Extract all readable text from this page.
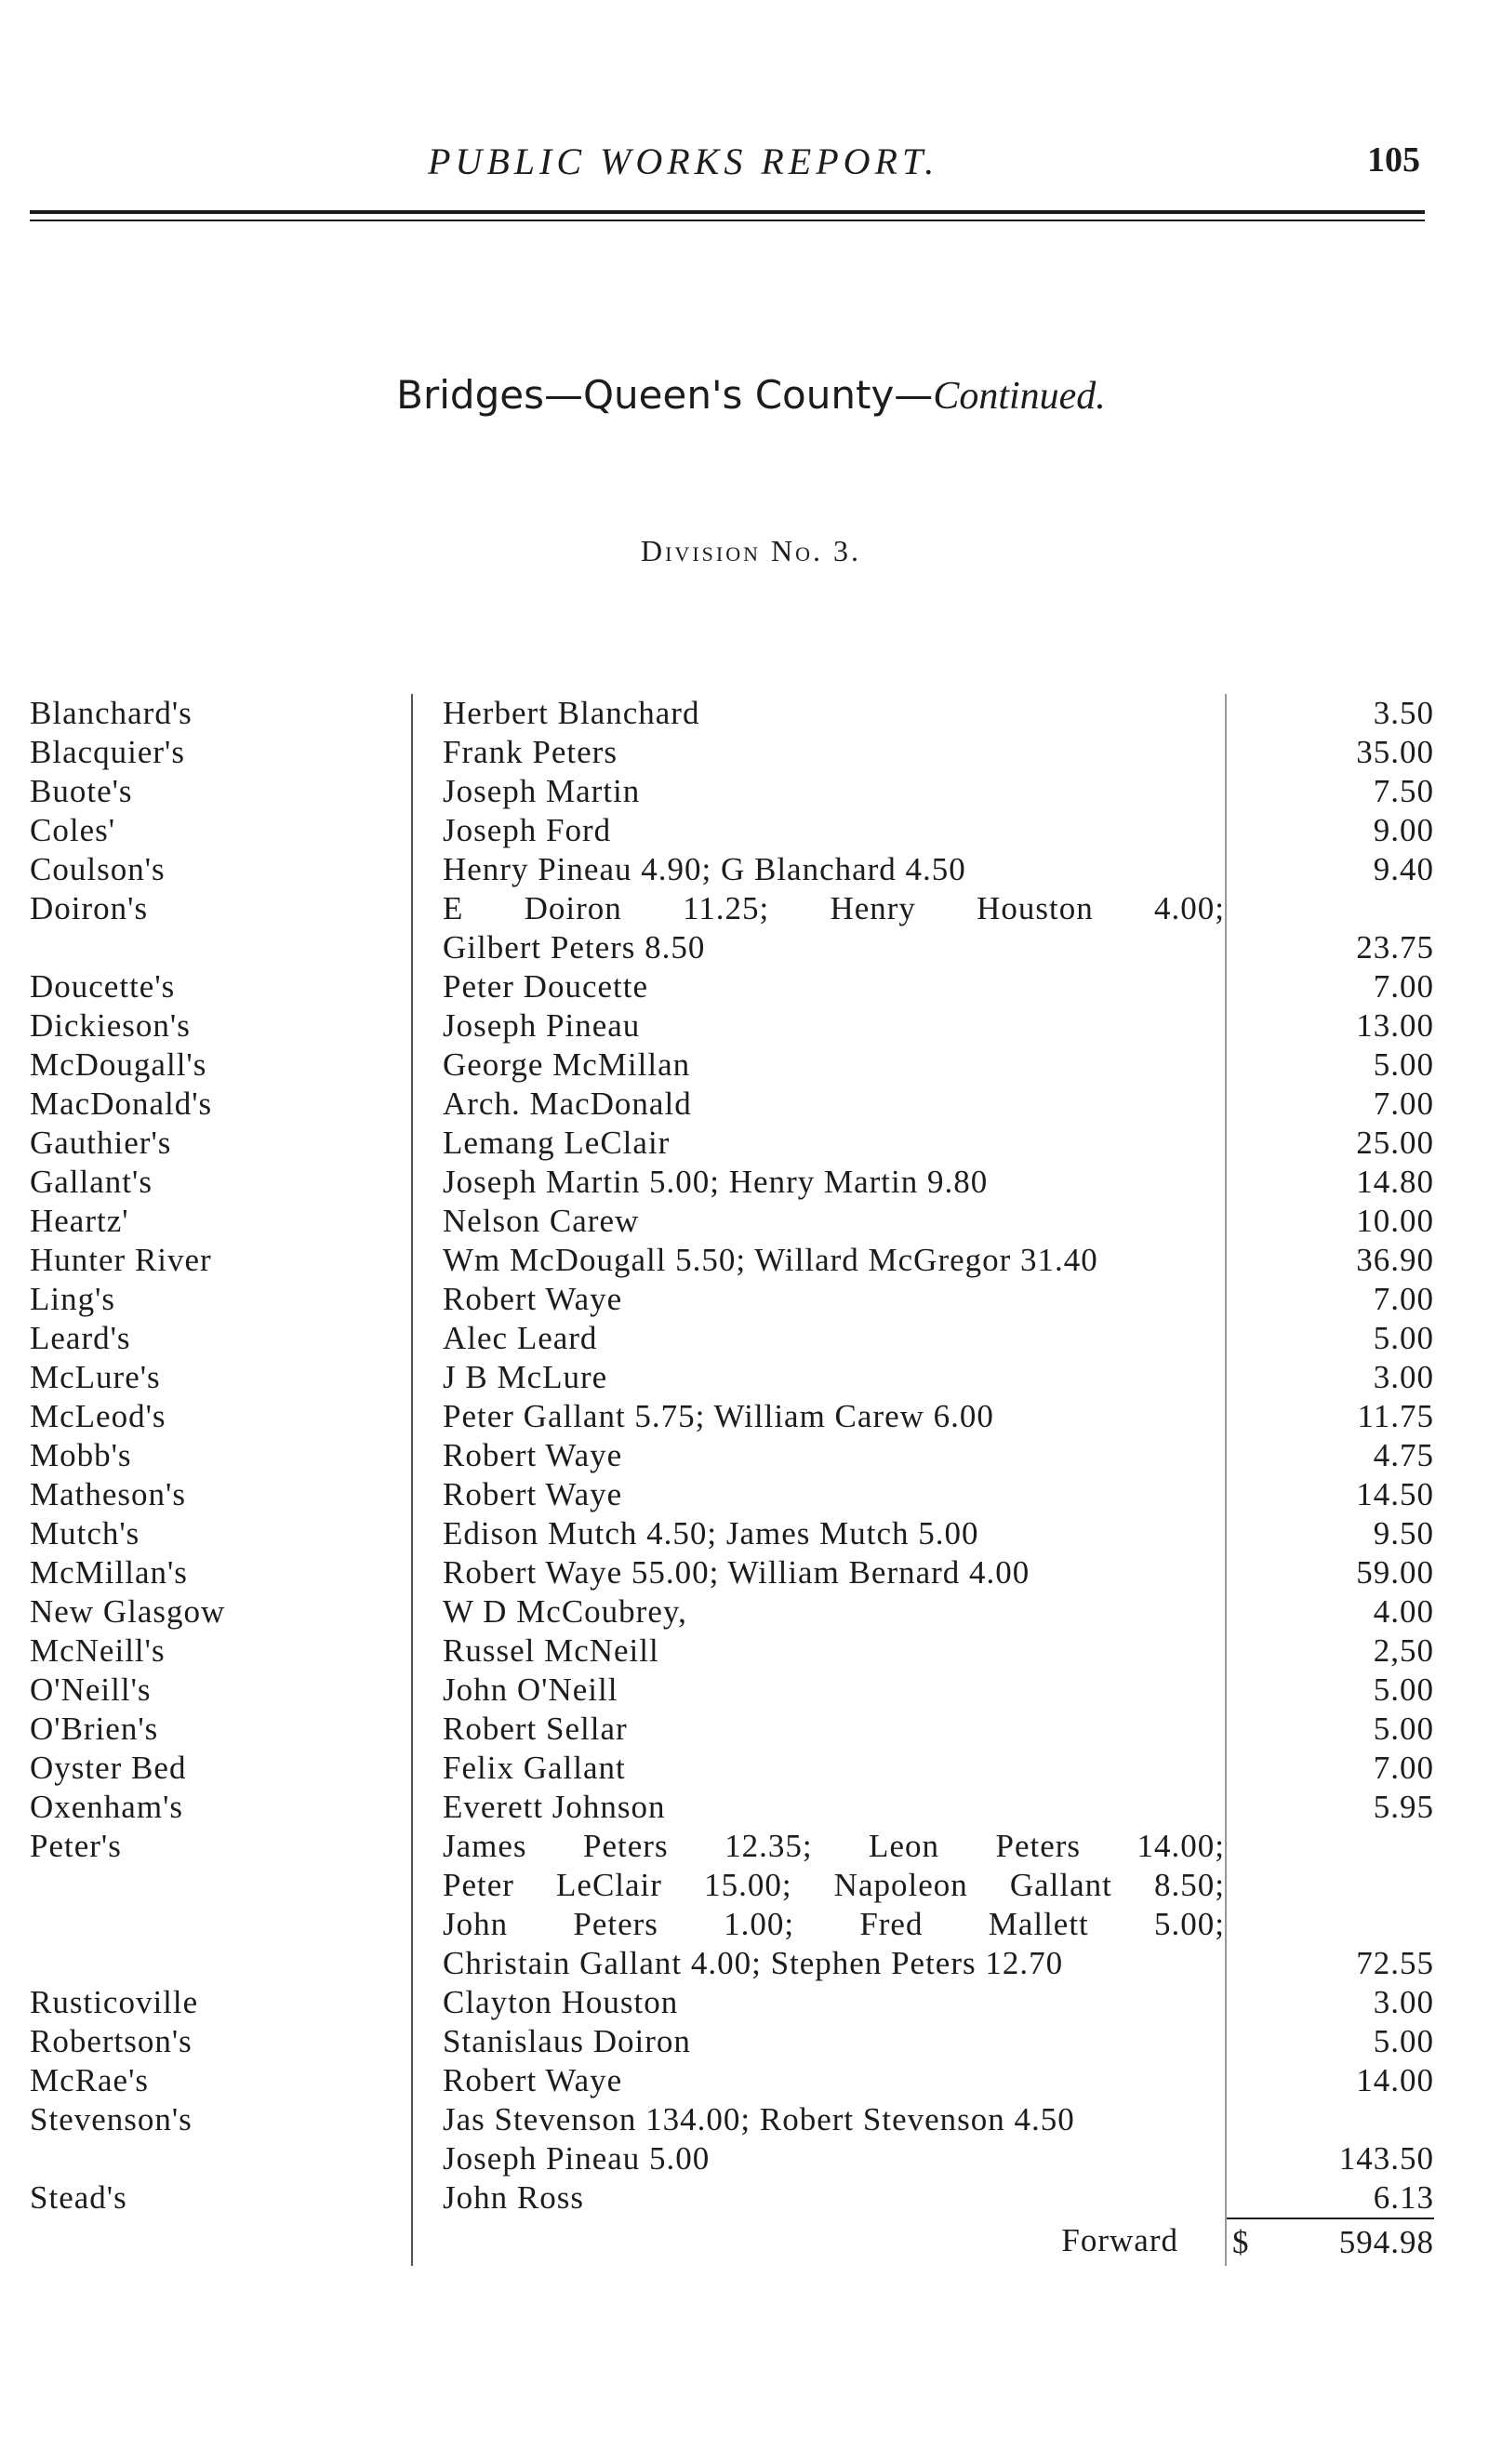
PUBLIC WORKS REPORT.	105
Bridges—Queen's County—Continued.
Division No. 3.
Blanchard's	Herbert Blanchard	3.50
Blacquier's	Frank Peters	35.00
Buote's	Joseph Martin	7.50
Coles'	Joseph Ford	9.00
Coulson's	Henry Pineau 4.90; G Blanchard 4.50	9.40
Doiron's	E Doiron 11.25; Henry Houston 4.00;
Gilbert Peters 8.50	23.75
Doucette's	Peter Doucette	7.00
Dickieson's	Joseph Pineau	13.00
McDougall's	George McMillan	5.00
MacDonald's	Arch. MacDonald	7.00
Gauthier's	Lemang LeClair	25.00
Gallant's	Joseph Martin 5.00; Henry Martin 9.80	14.80
Heartz'	Nelson Carew	10.00
Hunter River	Wm McDougall 5.50; Willard McGregor 31.40	36.90
Ling's	Robert Waye	7.00
Leard's	Alec Leard	5.00
McLure's	J B McLure	3.00
McLeod's	Peter Gallant 5.75; William Carew 6.00	11.75
Mobb's	Robert Waye	4.75
Matheson's	Robert Waye	14.50
Mutch's	Edison Mutch 4.50; James Mutch 5.00	9.50
McMillan's	Robert Waye 55.00; William Bernard 4.00	59.00
New Glasgow	W D McCoubrey,	4.00
McNeill's	Russel McNeill	2,50
O'Neill's	John O'Neill	5.00
O'Brien's	Robert Sellar	5.00
Oyster Bed	Felix Gallant	7.00
Oxenham's	Everett Johnson	5.95
Peter's	James Peters 12.35; Leon Peters 14.00;
Peter LeClair 15.00; Napoleon Gallant 8.50;
John Peters 1.00; Fred Mallett 5.00;
Christain Gallant 4.00; Stephen Peters 12.70	72.55
Rusticoville	Clayton Houston	3.00
Robertson's	Stanislaus Doiron	5.00
McRae's	Robert Waye	14.00
Stevenson's	Jas Stevenson 134.00; Robert Stevenson 4.50
Joseph Pineau 5.00	143.50
Stead's	John Ross	6.13
Forward	$	594.98
